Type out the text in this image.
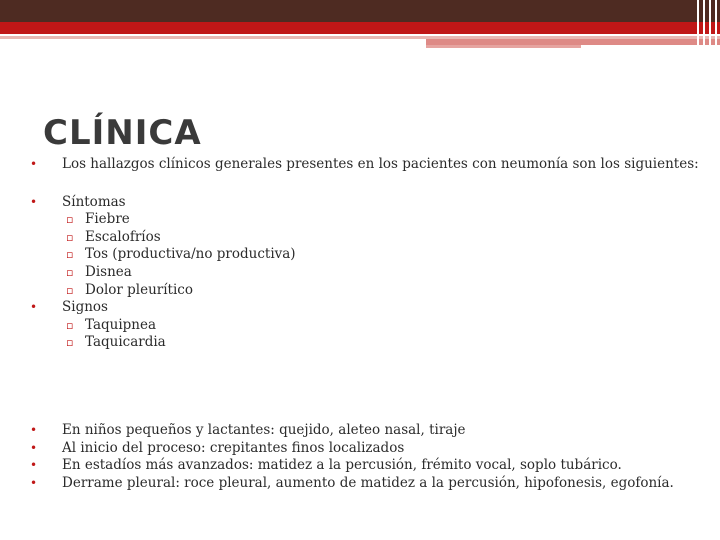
CLÍNICA
• Los hallazgos clínicos generales presentes en los pacientes con neumonía son los siguientes:
• Síntomas
▫ Fiebre
▫ Escalofríos
▫ Tos (productiva/no productiva)
▫ Disnea
▫ Dolor pleurítico
• Signos
▫ Taquipnea
▫ Taquicardia
• En niños pequeños y lactantes: quejido, aleteo nasal, tiraje
• Al inicio del proceso: crepitantes finos localizados
• En estadíos más avanzados: matidez a la percusión, frémito vocal, soplo tubárico.
• Derrame pleural: roce pleural, aumento de matidez a la percusión, hipofonesis, egofonía.
